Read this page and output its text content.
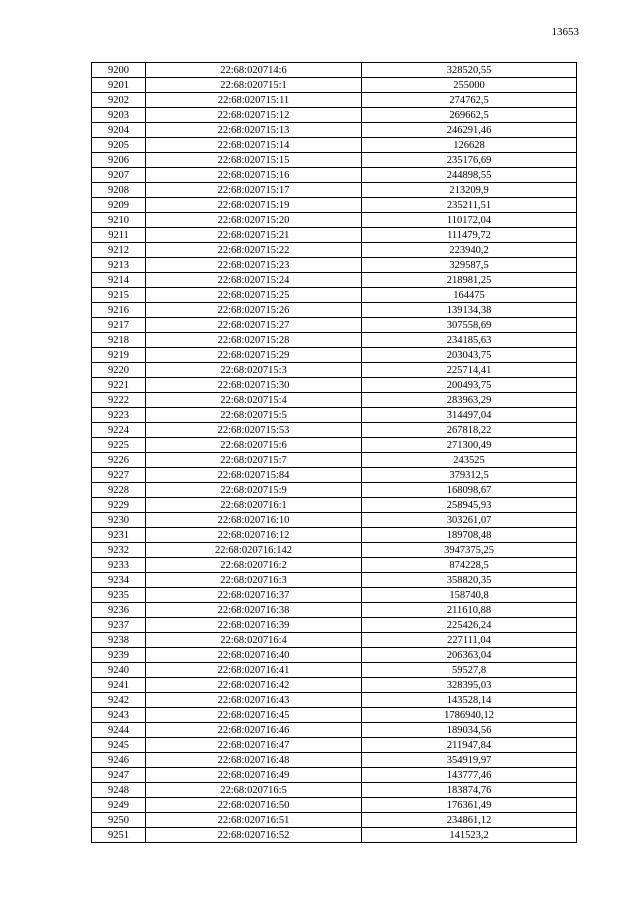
13653
9200	22:68:020714:6	328520,55
9201	22:68:020715:1	255000
9202	22:68:020715:11	274762,5
9203	22:68:020715:12	269662,5
9204	22:68:020715:13	246291,46
9205	22:68:020715:14	126628
9206	22:68:020715:15	235176,69
9207	22:68:020715:16	244898,55
9208	22:68:020715:17	213209,9
9209	22:68:020715:19	235211,51
9210	22:68:020715:20	110172,04
9211	22:68:020715:21	111479,72
9212	22:68:020715:22	223940,2
9213	22:68:020715:23	329587,5
9214	22:68:020715:24	218981,25
9215	22:68:020715:25	164475
9216	22:68:020715:26	139134,38
9217	22:68:020715:27	307558,69
9218	22:68:020715:28	234185,63
9219	22:68:020715:29	203043,75
9220	22:68:020715:3	225714,41
9221	22:68:020715:30	200493,75
9222	22:68:020715:4	283963,29
9223	22:68:020715:5	314497,04
9224	22:68:020715:53	267818,22
9225	22:68:020715:6	271300,49
9226	22:68:020715:7	243525
9227	22:68:020715:84	379312,5
9228	22:68:020715:9	168098,67
9229	22:68:020716:1	258945,93
9230	22:68:020716:10	303261,07
9231	22:68:020716:12	189708,48
9232	22:68:020716:142	3947375,25
9233	22:68:020716:2	874228,5
9234	22:68:020716:3	358820,35
9235	22:68:020716:37	158740,8
9236	22:68:020716:38	211610,88
9237	22:68:020716:39	225426,24
9238	22:68:020716:4	227111,04
9239	22:68:020716:40	206363,04
9240	22:68:020716:41	59527,8
9241	22:68:020716:42	328395,03
9242	22:68:020716:43	143528,14
9243	22:68:020716:45	1786940,12
9244	22:68:020716:46	189034,56
9245	22:68:020716:47	211947,84
9246	22:68:020716:48	354919,97
9247	22:68:020716:49	143777,46
9248	22:68:020716:5	183874,76
9249	22:68:020716:50	176361,49
9250	22:68:020716:51	234861,12
9251	22:68:020716:52	141523,2
